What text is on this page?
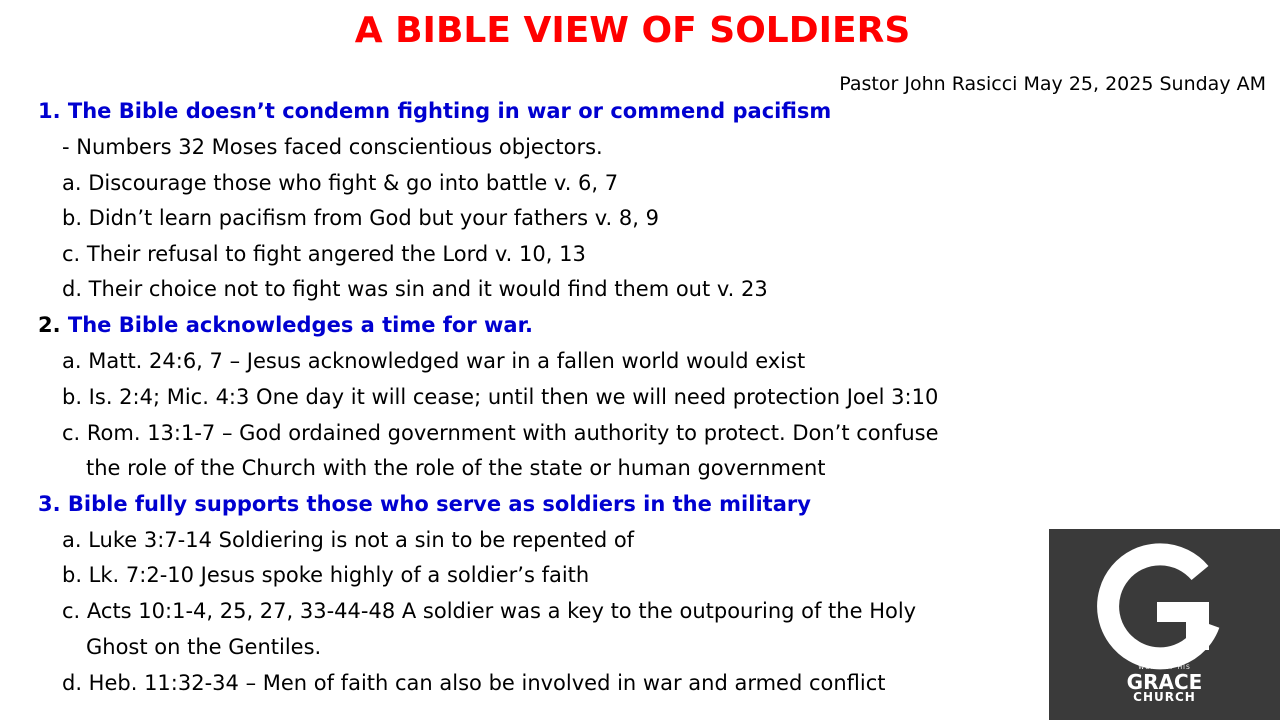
A BIBLE VIEW OF SOLDIERS
Pastor John Rasicci May 25, 2025 Sunday AM
1. The Bible doesn’t condemn fighting in war or commend pacifism
- Numbers 32 Moses faced conscientious objectors.
a. Discourage those who fight & go into battle v. 6, 7
b. Didn’t learn pacifism from God but your fathers v. 8, 9
c. Their refusal to fight angered the Lord v. 10, 13
d. Their choice not to fight was sin and it would find them out v. 23
2. The Bible acknowledges a time for war.
a. Matt. 24:6, 7 – Jesus acknowledged war in a fallen world would exist
b. Is. 2:4; Mic. 4:3 One day it will cease; until then we will need protection Joel 3:10
c. Rom. 13:1-7 – God ordained government with authority to protect. Don’t confuse
the role of the Church with the role of the state or human government
3. Bible fully supports those who serve as soldiers in the military
a. Luke 3:7-14 Soldiering is not a sin to be repented of
b. Lk. 7:2-10 Jesus spoke highly of a soldier’s faith
c. Acts 10:1-4, 25, 27, 33-44-48 A soldier was a key to the outpouring of the Holy
Ghost on the Gentiles.
d. Heb. 11:32-34 – Men of faith can also be involved in war and armed conflict
WORD OF HIS
GRACE
CHURCH
